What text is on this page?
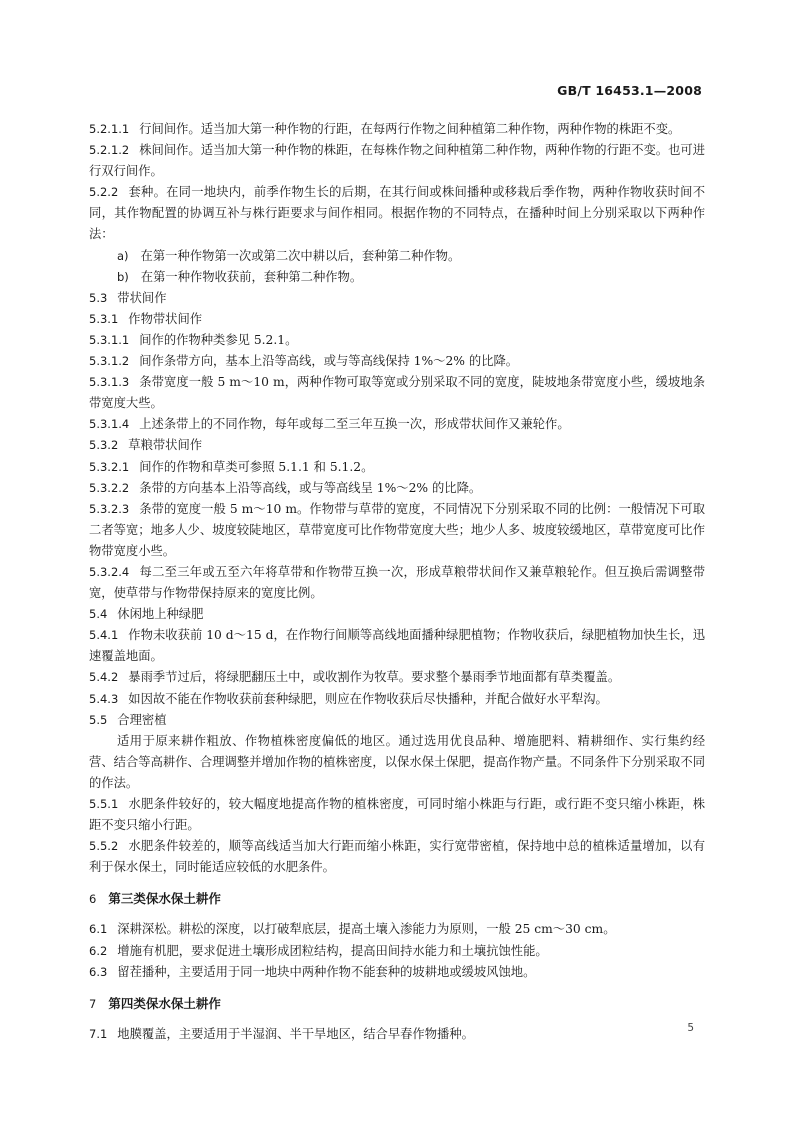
GB/T 16453.1—2008

5.2.1.1 行间间作。适当加大第一种作物的行距，在每两行作物之间种植第二种作物，两种作物的株距不变。

5.2.1.2 株间间作。适当加大第一种作物的株距，在每株作物之间种植第二种作物，两种作物的行距不变。也可进行双行间作。

5.2.2 套种。在同一地块内，前季作物生长的后期，在其行间或株间播种或移栽后季作物，两种作物收获时间不同，其作物配置的协调互补与株行距要求与间作相同。根据作物的不同特点，在播种时间上分别采取以下两种作法：

a) 在第一种作物第一次或第二次中耕以后，套种第二种作物。

b) 在第一种作物收获前，套种第二种作物。

5.3 带状间作

5.3.1 作物带状间作

5.3.1.1 间作的作物种类参见 5.2.1。

5.3.1.2 间作条带方向，基本上沿等高线，或与等高线保持 1%～2% 的比降。

5.3.1.3 条带宽度一般 5 m～10 m，两种作物可取等宽或分别采取不同的宽度，陡坡地条带宽度小些，缓坡地条带宽度大些。

5.3.1.4 上述条带上的不同作物，每年或每二至三年互换一次，形成带状间作又兼轮作。

5.3.2 草粮带状间作

5.3.2.1 间作的作物和草类可参照 5.1.1 和 5.1.2。

5.3.2.2 条带的方向基本上沿等高线，或与等高线呈 1%～2% 的比降。

5.3.2.3 条带的宽度一般 5 m～10 m。作物带与草带的宽度，不同情况下分别采取不同的比例：一般情况下可取二者等宽；地多人少、坡度较陡地区，草带宽度可比作物带宽度大些；地少人多、坡度较缓地区，草带宽度可比作物带宽度小些。

5.3.2.4 每二至三年或五至六年将草带和作物带互换一次，形成草粮带状间作又兼草粮轮作。但互换后需调整带宽，使草带与作物带保持原来的宽度比例。

5.4 休闲地上种绿肥

5.4.1 作物未收获前 10 d～15 d，在作物行间顺等高线地面播种绿肥植物；作物收获后，绿肥植物加快生长，迅速覆盖地面。

5.4.2 暴雨季节过后，将绿肥翻压土中，或收割作为牧草。要求整个暴雨季节地面都有草类覆盖。

5.4.3 如因故不能在作物收获前套种绿肥，则应在作物收获后尽快播种，并配合做好水平犁沟。

5.5 合理密植

适用于原来耕作粗放、作物植株密度偏低的地区。通过选用优良品种、增施肥料、精耕细作、实行集约经营、结合等高耕作、合理调整并增加作物的植株密度，以保水保土保肥，提高作物产量。不同条件下分别采取不同的作法。

5.5.1 水肥条件较好的，较大幅度地提高作物的植株密度，可同时缩小株距与行距，或行距不变只缩小株距，株距不变只缩小行距。

5.5.2 水肥条件较差的，顺等高线适当加大行距而缩小株距，实行宽带密植，保持地中总的植株适量增加，以有利于保水保土，同时能适应较低的水肥条件。

6 第三类保水保土耕作

6.1 深耕深松。耕松的深度，以打破犁底层，提高土壤入渗能力为原则，一般 25 cm～30 cm。

6.2 增施有机肥，要求促进土壤形成团粒结构，提高田间持水能力和土壤抗蚀性能。

6.3 留茬播种，主要适用于同一地块中两种作物不能套种的坡耕地或缓坡风蚀地。

7 第四类保水保土耕作

7.1 地膜覆盖，主要适用于半湿润、半干旱地区，结合早春作物播种。	5
